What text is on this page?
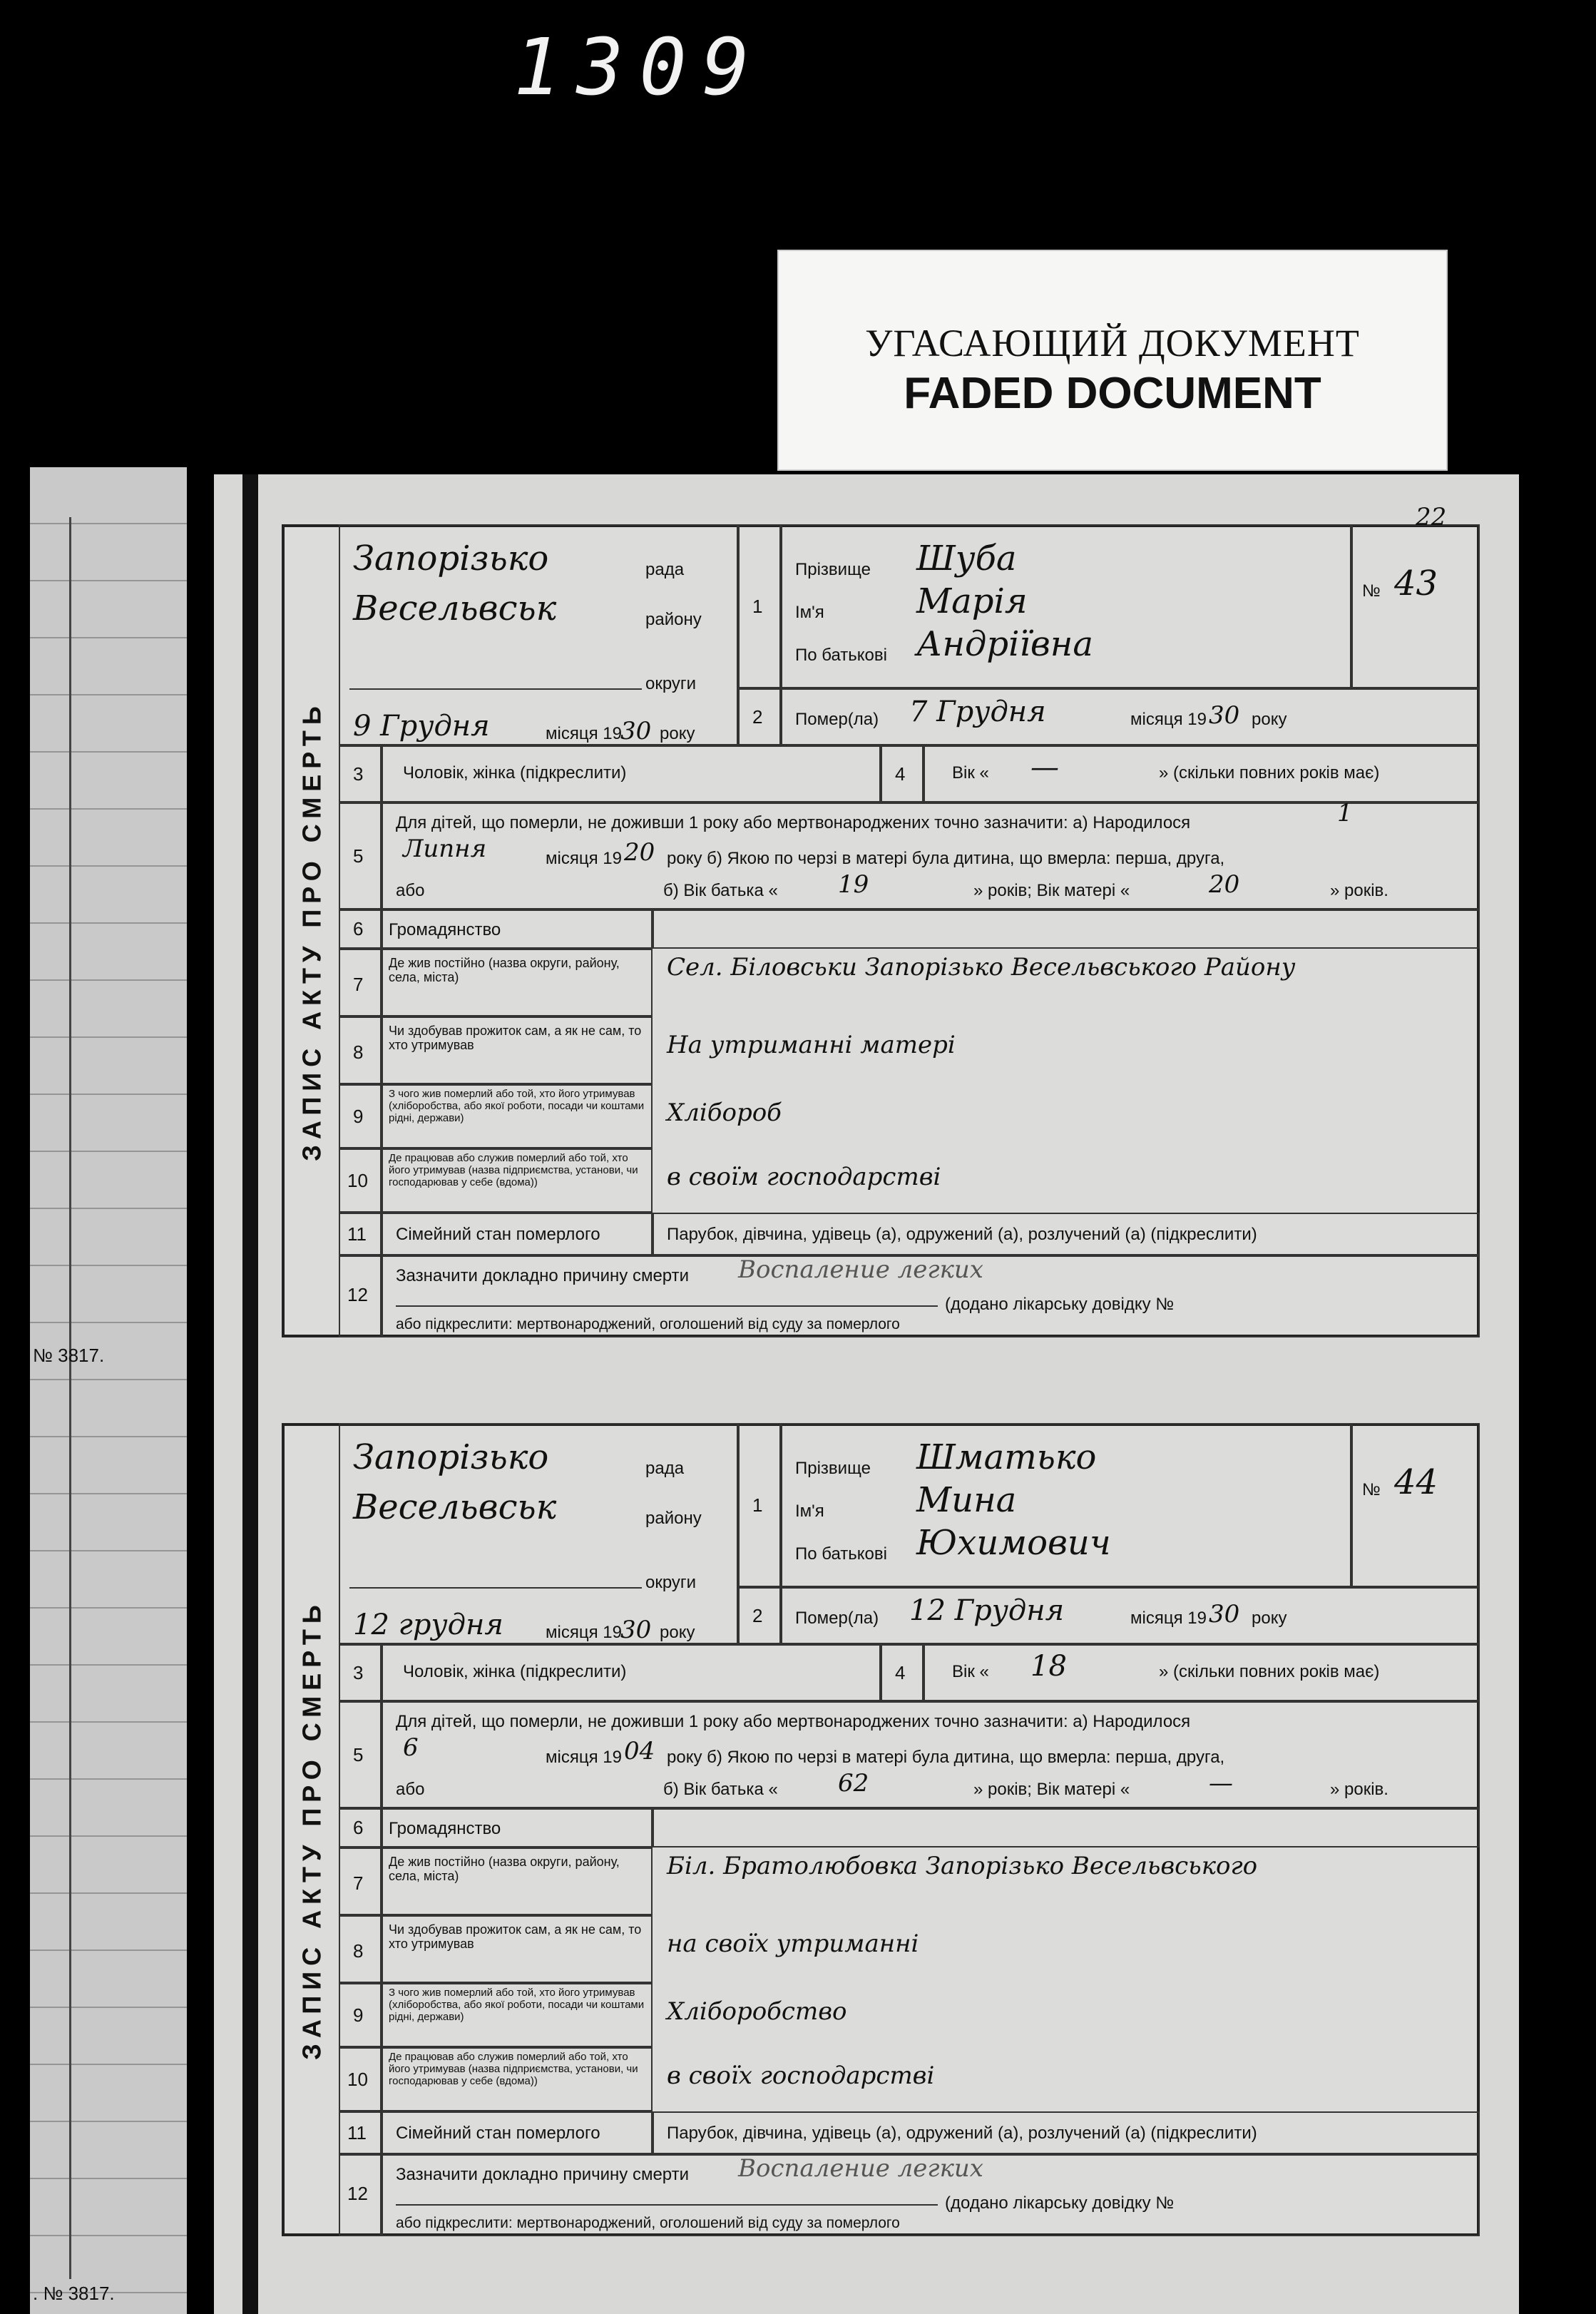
1309
УГАСАЮЩИЙ ДОКУМЕНТ
FADED DOCUMENT
№ 3817.
. № 3817.
ЗАПИС АКТУ ПРО СМЕРТЬ
Запорізько	рада
Весельвськ	району
округи
9 Грудня	місяця 19
30 року
1
Прізвище Шуба
Ім'я	Марія
По батькові Андріївна
№ 43
22
2 Помер(ла) 7 Грудня	місяця 19 30 року
3 Чоловік, жінка (підкреслити)	4	Вік « —	» (скільки повних років має)
5
Для дітей, що померли, не доживши 1 року або мертвонароджених точно зазначити: а) Народилося	1
Липня	місяця 19 20 року б) Якою по черзі в матері була дитина, що вмерла: перша, друга,
або	б) Вік батька « 19	» років; Вік матері «	20	» років.
6 Громадянство
7
Де жив постійно (назва округи, району, села, міста)	Сел. Біловськи Запорізько Весельвського Району
8
Чи здобував прожиток сам, а як не сам, то хто утримував	На утриманні матері
9
З чого жив померлий або той, хто його утримував (хліборобства, або якої роботи, посади чи коштами рідні, держави)	Хлібороб
10
Де працював або служив померлий або той, хто його утримував (назва підприємства, установи, чи господарював у себе (вдома))	в своїм господарстві
11 Сімейний стан померлого	Парубок, дівчина, удівець (а), одружений (а), розлучений (а) (підкреслити)
12
Зазначити докладно причину смерти Воспаление легких
(додано лікарську довідку №
або підкреслити: мертвонароджений, оголошений від суду за померлого
ЗАПИС АКТУ ПРО СМЕРТЬ
Запорізько	рада
Весельвськ	району
округи
12 грудня місяця 19
30 року
1
Прізвище Шматько
Ім'я	Мина
По батькові Юхимович
№ 44
2 Помер(ла) 12 Грудня	місяця 19 30 року
3 Чоловік, жінка (підкреслити)	4	Вік « 18	» (скільки повних років має)
5
Для дітей, що померли, не доживши 1 року або мертвонароджених точно зазначити: а) Народилося
6	місяця 19 04 року б) Якою по черзі в матері була дитина, що вмерла: перша, друга,
або	б) Вік батька « 62	» років; Вік матері «	—	» років.
6 Громадянство
7
Де жив постійно (назва округи, району, села, міста)	Біл. Братолюбовка Запорізько Весельвського
8
Чи здобував прожиток сам, а як не сам, то хто утримував	на своїх утриманні
9
З чого жив померлий або той, хто його утримував (хліборобства, або якої роботи, посади чи коштами рідні, держави)	Хліборобство
10
Де працював або служив померлий або той, хто його утримував (назва підприємства, установи, чи господарював у себе (вдома))	в своїх господарстві
11 Сімейний стан померлого	Парубок, дівчина, удівець (а), одружений (а), розлучений (а) (підкреслити)
12
Зазначити докладно причину смерти Воспаление легких
(додано лікарську довідку №
або підкреслити: мертвонароджений, оголошений від суду за померлого
